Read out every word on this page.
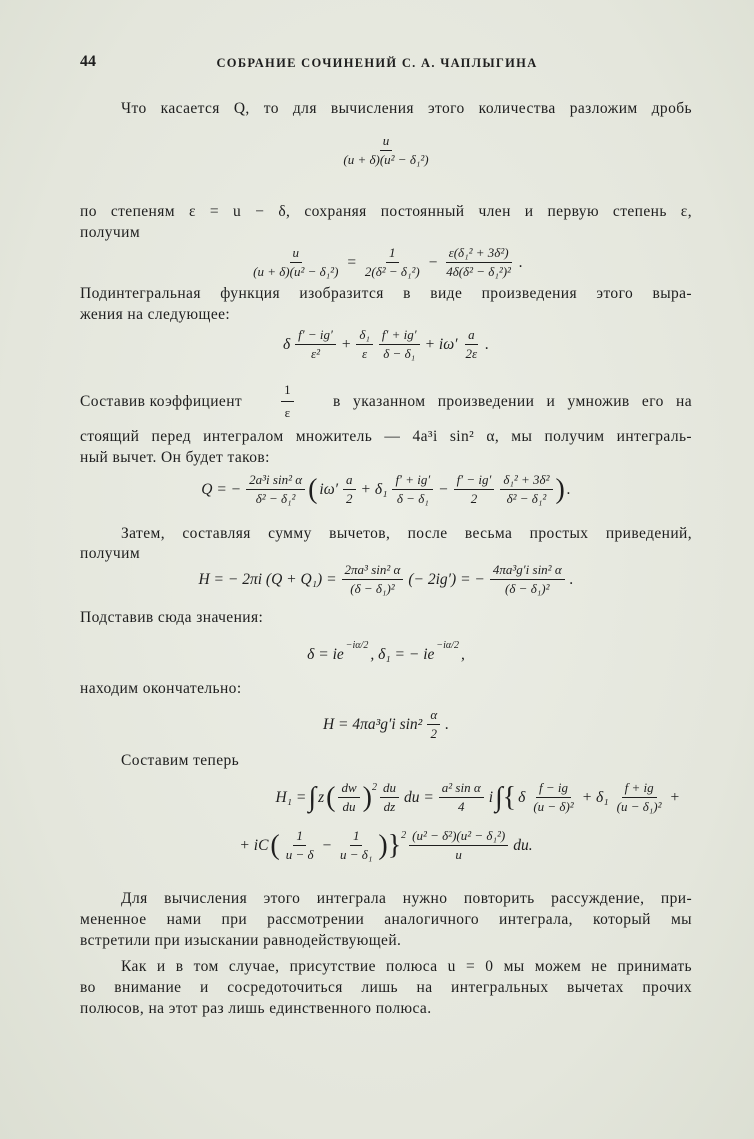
44	СОБРАНИЕ СОЧИНЕНИЙ С. А. ЧАПЛЫГИНА
Что касается Q, то для вычисления этого количества разложим дробь
$\frac{u}{\text{(u + δ)(u² − δ₁²)}}$
по степеням ε = u − δ, сохраняя постоянный член и первую степень ε,
получим
$\frac{u}{\text{(u + δ)(u² − δ₁²)}} = \frac{1}{\text{2(δ² − δ₁²)}} - \frac{\text{ε(δ₁² + 3δ²)}}{\text{4δ(δ² − δ₁²)²}}$ .
Подинтегральная функция изобразится в виде произведения этого выра-
жения на следующее:
δ $\frac{f' - ig'}{\text{ε²}} + \frac{\text{δ₁}}{\varepsilon} \frac{f' + ig'}{\text{δ − δ₁}} + i\omega' \frac{a}{2\varepsilon}$ .
Составив коэффициент	$\frac{1}{\varepsilon}$	в указанном произведении и умножив его на
стоящий перед интегралом множитель — 4a³i sin² α, мы получим интеграль-
ный вычет. Он будет таков:
Q = − $\frac{\text{2a³i sin² α}}{\text{δ² − δ₁²}}$ ( $i\omega' \frac{a}{2} + \delta_1 \frac{f' + ig'}{\text{δ − δ₁}} - \frac{f' - ig'}{2} \frac{\text{δ₁² + 3δ²}}{\text{δ² − δ₁²}}$ ) .
Затем, составляя сумму вычетов, после весьма простых приведений,
получим
H = − 2πi $(Q + Q_1) = \frac{\text{2πa³ sin² α}}{\text{(δ − δ₁)²}}$ (− 2ig′) = − $\frac{\text{4πa³g′i sin² α}}{\text{(δ − δ₁)²}}$ .
Подставив сюда значения:
δ = ie
−iα/2
, δ₁ = − ie
−iα/2
,
находим окончательно:
H = 4πa³g′i $\sin^2 \frac{\alpha}{2}$ .
Составим теперь
H₁ = ∫ z ( $\frac{dw}{du}$ ) $2 \frac{du}{dz}$ du = $\frac{\text{a² sin α}}{4}$ i ∫{ δ $\frac{f - ig}{\text{(u − δ)²}} + \delta_1 \frac{f + ig}{\text{(u − δ₁)²}}$ +
+ iC ( $\frac{1}{u - \delta} - \frac{1}{\text{u − δ₁}}$ )} $2 \frac{\text{(u² − δ²)(u² − δ₁²)}}{u}$ du.
Для вычисления этого интеграла нужно повторить рассуждение, при-
мененное нами при рассмотрении аналогичного интеграла, который мы
встретили при изыскании равнодействующей.
Как и в том случае, присутствие полюса u = 0 мы можем не принимать
во внимание и сосредоточиться лишь на интегральных вычетах прочих
полюсов, на этот раз лишь единственного полюса.
